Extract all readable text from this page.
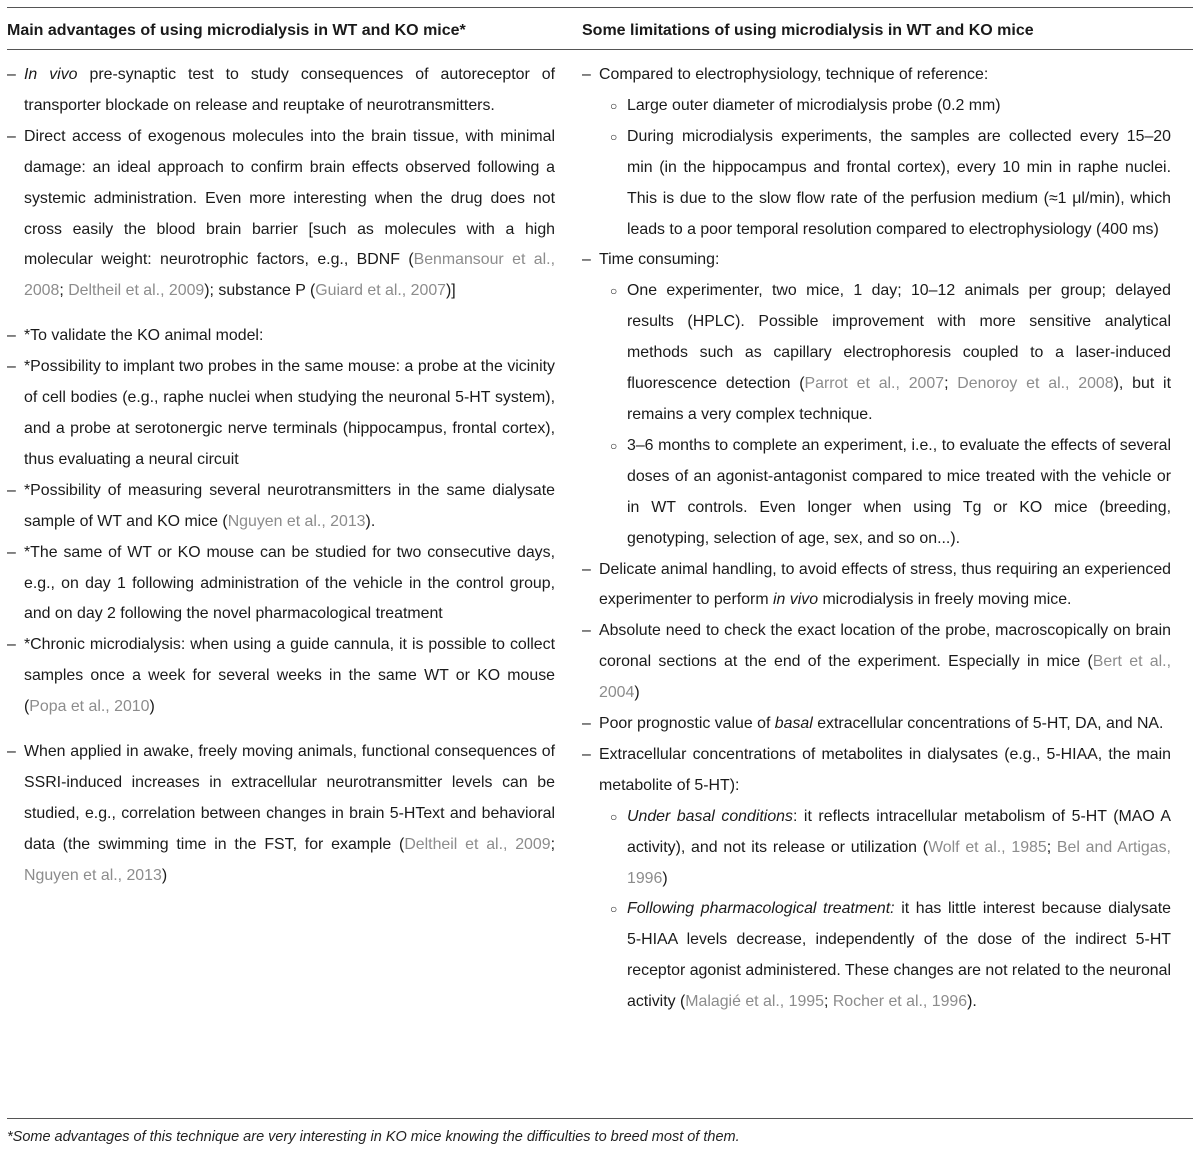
Main advantages of using microdialysis in WT and KO mice*	Some limitations of using microdialysis in WT and KO mice
– In vivo pre-synaptic test to study consequences of autoreceptor of transporter blockade on release and reuptake of neurotransmitters.
– Direct access of exogenous molecules into the brain tissue, with minimal damage: an ideal approach to confirm brain effects observed following a systemic administration. Even more interesting when the drug does not cross easily the blood brain barrier [such as molecules with a high molecular weight: neurotrophic factors, e.g., BDNF (Benmansour et al., 2008; Deltheil et al., 2009); substance P (Guiard et al., 2007)]
– *To validate the KO animal model:
– *Possibility to implant two probes in the same mouse: a probe at the vicinity of cell bodies (e.g., raphe nuclei when studying the neuronal 5-HT system), and a probe at serotonergic nerve terminals (hippocampus, frontal cortex), thus evaluating a neural circuit
– *Possibility of measuring several neurotransmitters in the same dialysate sample of WT and KO mice (Nguyen et al., 2013).
– *The same of WT or KO mouse can be studied for two consecutive days, e.g., on day 1 following administration of the vehicle in the control group, and on day 2 following the novel pharmacological treatment
– *Chronic microdialysis: when using a guide cannula, it is possible to collect samples once a week for several weeks in the same WT or KO mouse (Popa et al., 2010)
– When applied in awake, freely moving animals, functional consequences of SSRI-induced increases in extracellular neurotransmitter levels can be studied, e.g., correlation between changes in brain 5-HText and behavioral data (the swimming time in the FST, for example (Deltheil et al., 2009; Nguyen et al., 2013)
– Compared to electrophysiology, technique of reference:
○ Large outer diameter of microdialysis probe (0.2 mm)
○ During microdialysis experiments, the samples are collected every 15–20 min (in the hippocampus and frontal cortex), every 10 min in raphe nuclei. This is due to the slow flow rate of the perfusion medium (≈1 μl/min), which leads to a poor temporal resolution compared to electrophysiology (400 ms)
– Time consuming:
○ One experimenter, two mice, 1 day; 10–12 animals per group; delayed results (HPLC). Possible improvement with more sensitive analytical methods such as capillary electrophoresis coupled to a laser-induced fluorescence detection (Parrot et al., 2007; Denoroy et al., 2008), but it remains a very complex technique.
○ 3–6 months to complete an experiment, i.e., to evaluate the effects of several doses of an agonist-antagonist compared to mice treated with the vehicle or in WT controls. Even longer when using Tg or KO mice (breeding, genotyping, selection of age, sex, and so on...).
– Delicate animal handling, to avoid effects of stress, thus requiring an experienced experimenter to perform in vivo microdialysis in freely moving mice.
– Absolute need to check the exact location of the probe, macroscopically on brain coronal sections at the end of the experiment. Especially in mice (Bert et al., 2004)
– Poor prognostic value of basal extracellular concentrations of 5-HT, DA, and NA.
– Extracellular concentrations of metabolites in dialysates (e.g., 5-HIAA, the main metabolite of 5-HT):
○ Under basal conditions: it reflects intracellular metabolism of 5-HT (MAO A activity), and not its release or utilization (Wolf et al., 1985; Bel and Artigas, 1996)
○ Following pharmacological treatment: it has little interest because dialysate 5-HIAA levels decrease, independently of the dose of the indirect 5-HT receptor agonist administered. These changes are not related to the neuronal activity (Malagié et al., 1995; Rocher et al., 1996).
*Some advantages of this technique are very interesting in KO mice knowing the difficulties to breed most of them.
